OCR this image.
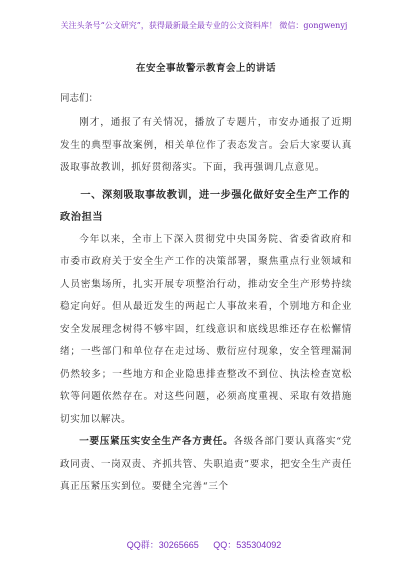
关注头条号“公文研究”，获得最新最全最专业的公文资料库！ 微信：gongwenyj
在安全事故警示教育会上的讲话
同志们：

刚才，通报了有关情况，播放了专题片，市安办通报了近期发生的典型事故案例，相关单位作了表态发言。会后大家要认真汲取事故教训，抓好贯彻落实。下面，我再强调几点意见。

一、深刻吸取事故教训，进一步强化做好安全生产工作的政治担当

今年以来，全市上下深入贯彻党中央国务院、省委省政府和市委市政府关于安全生产工作的决策部署，聚焦重点行业领域和人员密集场所，扎实开展专项整治行动，推动安全生产形势持续稳定向好。但从最近发生的两起亡人事故来看，个别地方和企业安全发展理念树得不够牢固，红线意识和底线思维还存在松懈情绪；一些部门和单位存在走过场、敷衍应付现象，安全管理漏洞仍然较多；一些地方和企业隐患排查整改不到位、执法检查宽松软等问题依然存在。对这些问题，必须高度重视、采取有效措施切实加以解决。

一要压紧压实安全生产各方责任。各级各部门要认真落实“党政同责、一岗双责、齐抓共管、失职追责”要求，把安全生产责任真正压紧压实到位。要健全完善“三个

QQ群：30265665 QQ：535304092
